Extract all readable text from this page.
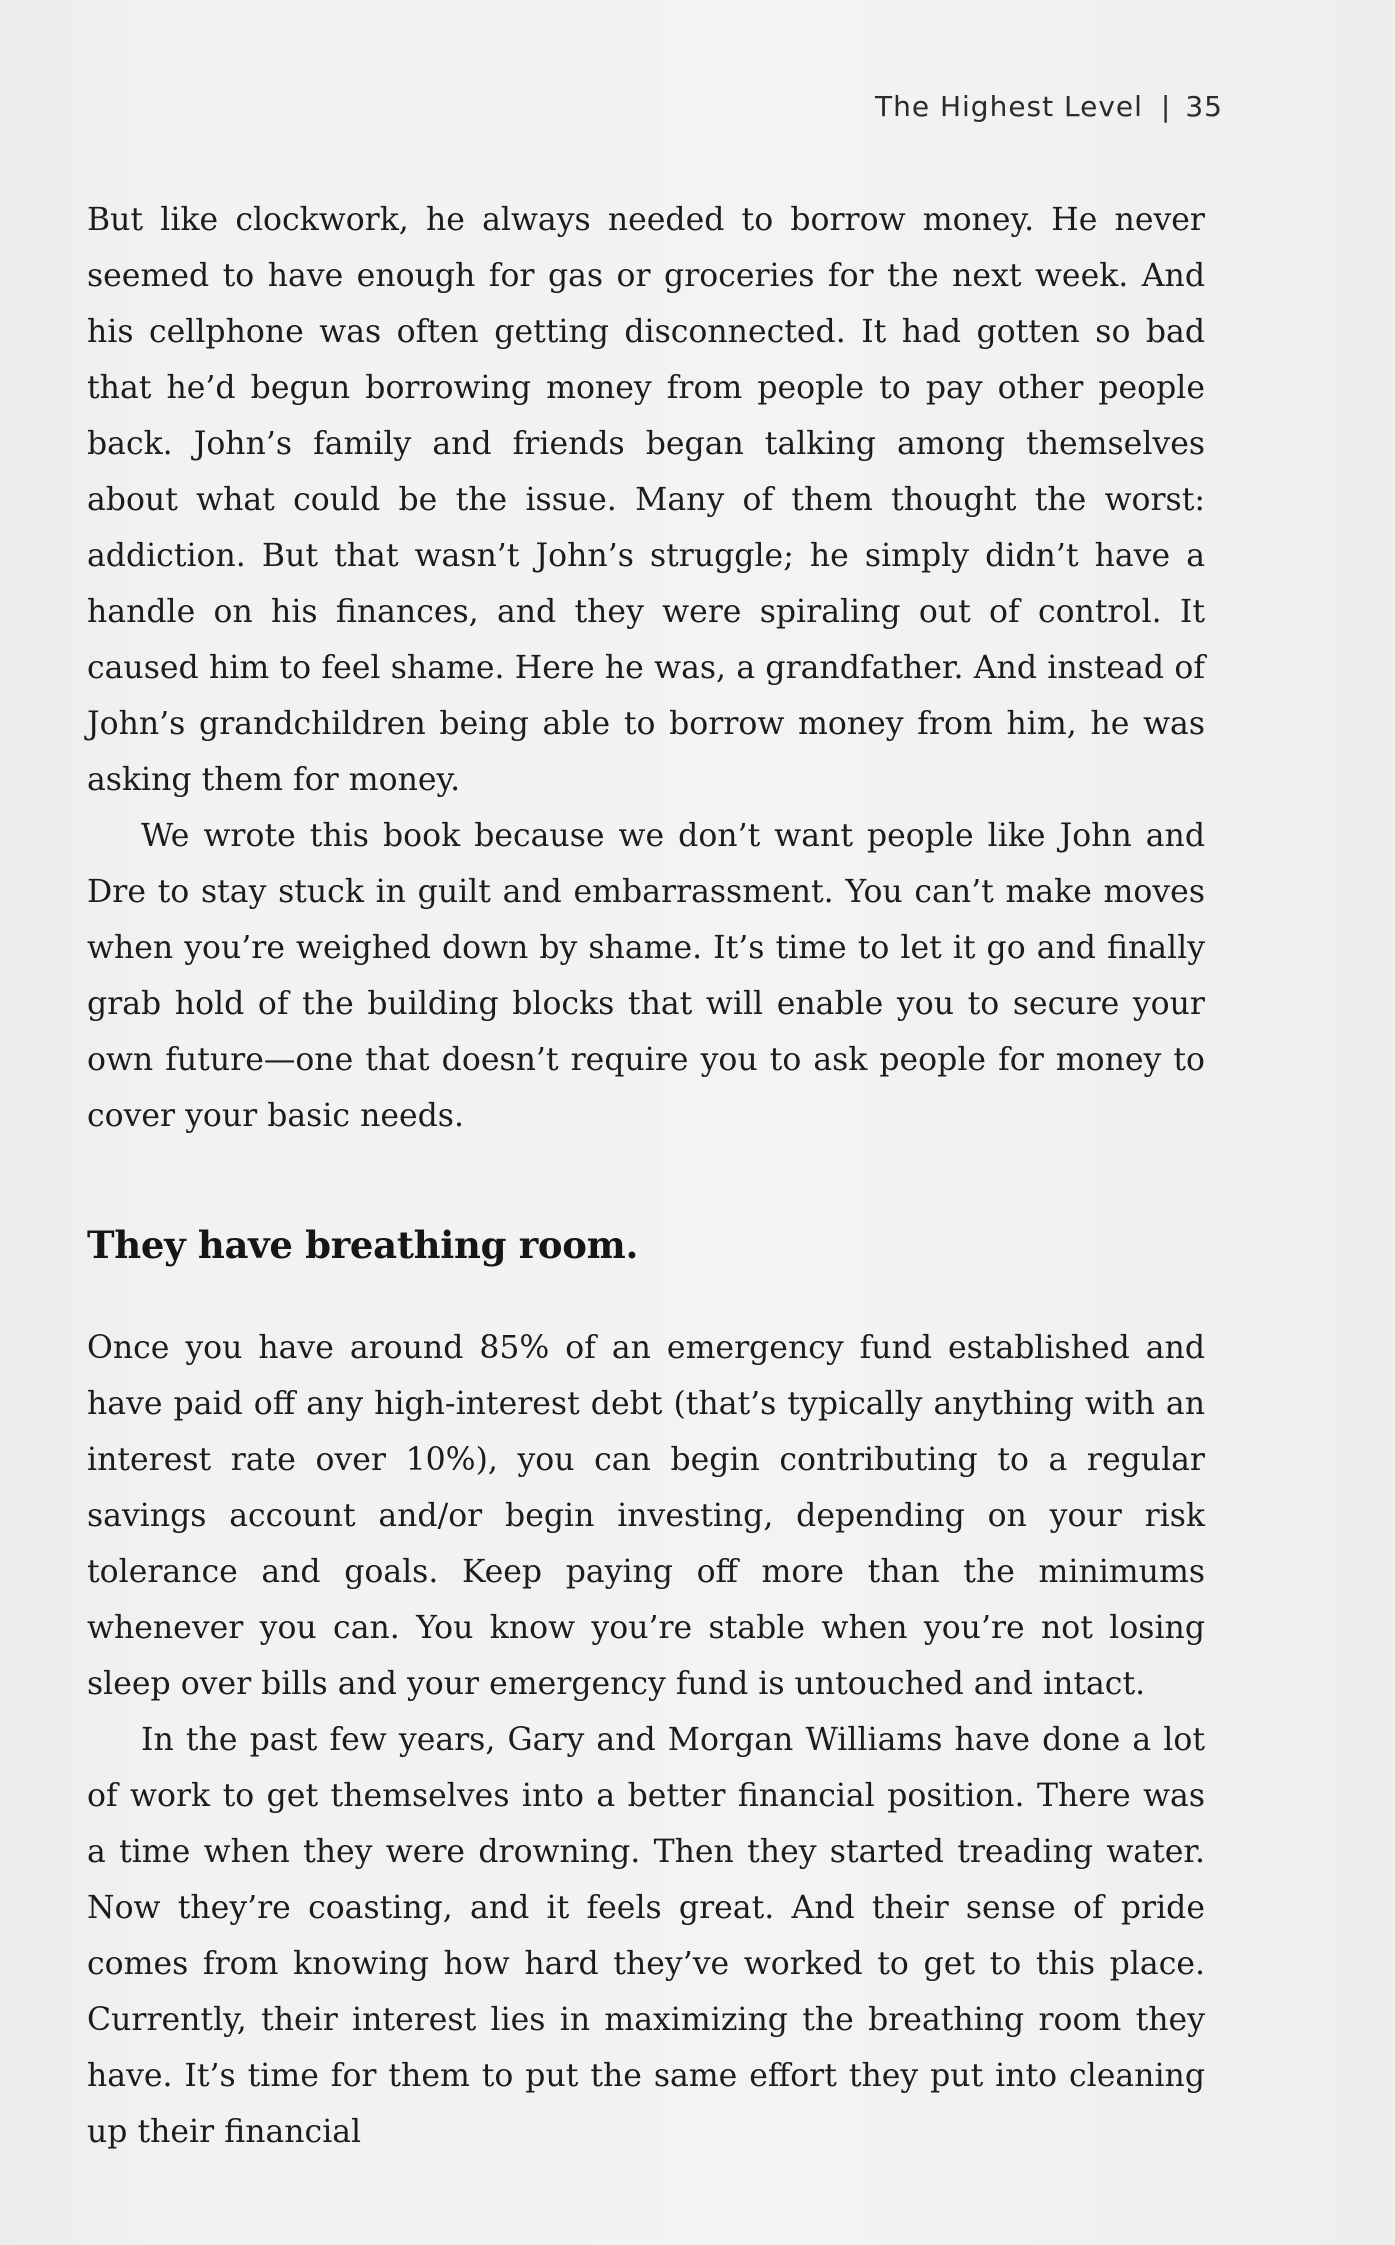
The Highest Level | 35

But like clockwork, he always needed to borrow money. He never seemed to have enough for gas or groceries for the next week. And his cellphone was often getting disconnected. It had gotten so bad that he’d begun borrowing money from people to pay other people back. John’s family and friends began talking among themselves about what could be the issue. Many of them thought the worst: addiction. But that wasn’t John’s struggle; he simply didn’t have a handle on his finances, and they were spiraling out of control. It caused him to feel shame. Here he was, a grandfather. And instead of John’s grandchildren being able to borrow money from him, he was asking them for money.

We wrote this book because we don’t want people like John and Dre to stay stuck in guilt and embarrassment. You can’t make moves when you’re weighed down by shame. It’s time to let it go and finally grab hold of the building blocks that will enable you to secure your own future—one that doesn’t require you to ask people for money to cover your basic needs.

They have breathing room.

Once you have around 85% of an emergency fund established and have paid off any high-interest debt (that’s typically anything with an interest rate over 10%), you can begin contributing to a regular savings account and/or begin investing, depending on your risk tolerance and goals. Keep paying off more than the minimums whenever you can. You know you’re stable when you’re not losing sleep over bills and your emergency fund is untouched and intact.

In the past few years, Gary and Morgan Williams have done a lot of work to get themselves into a better financial position. There was a time when they were drowning. Then they started treading water. Now they’re coasting, and it feels great. And their sense of pride comes from knowing how hard they’ve worked to get to this place. Currently, their interest lies in maximizing the breathing room they have. It’s time for them to put the same effort they put into cleaning up their financial
